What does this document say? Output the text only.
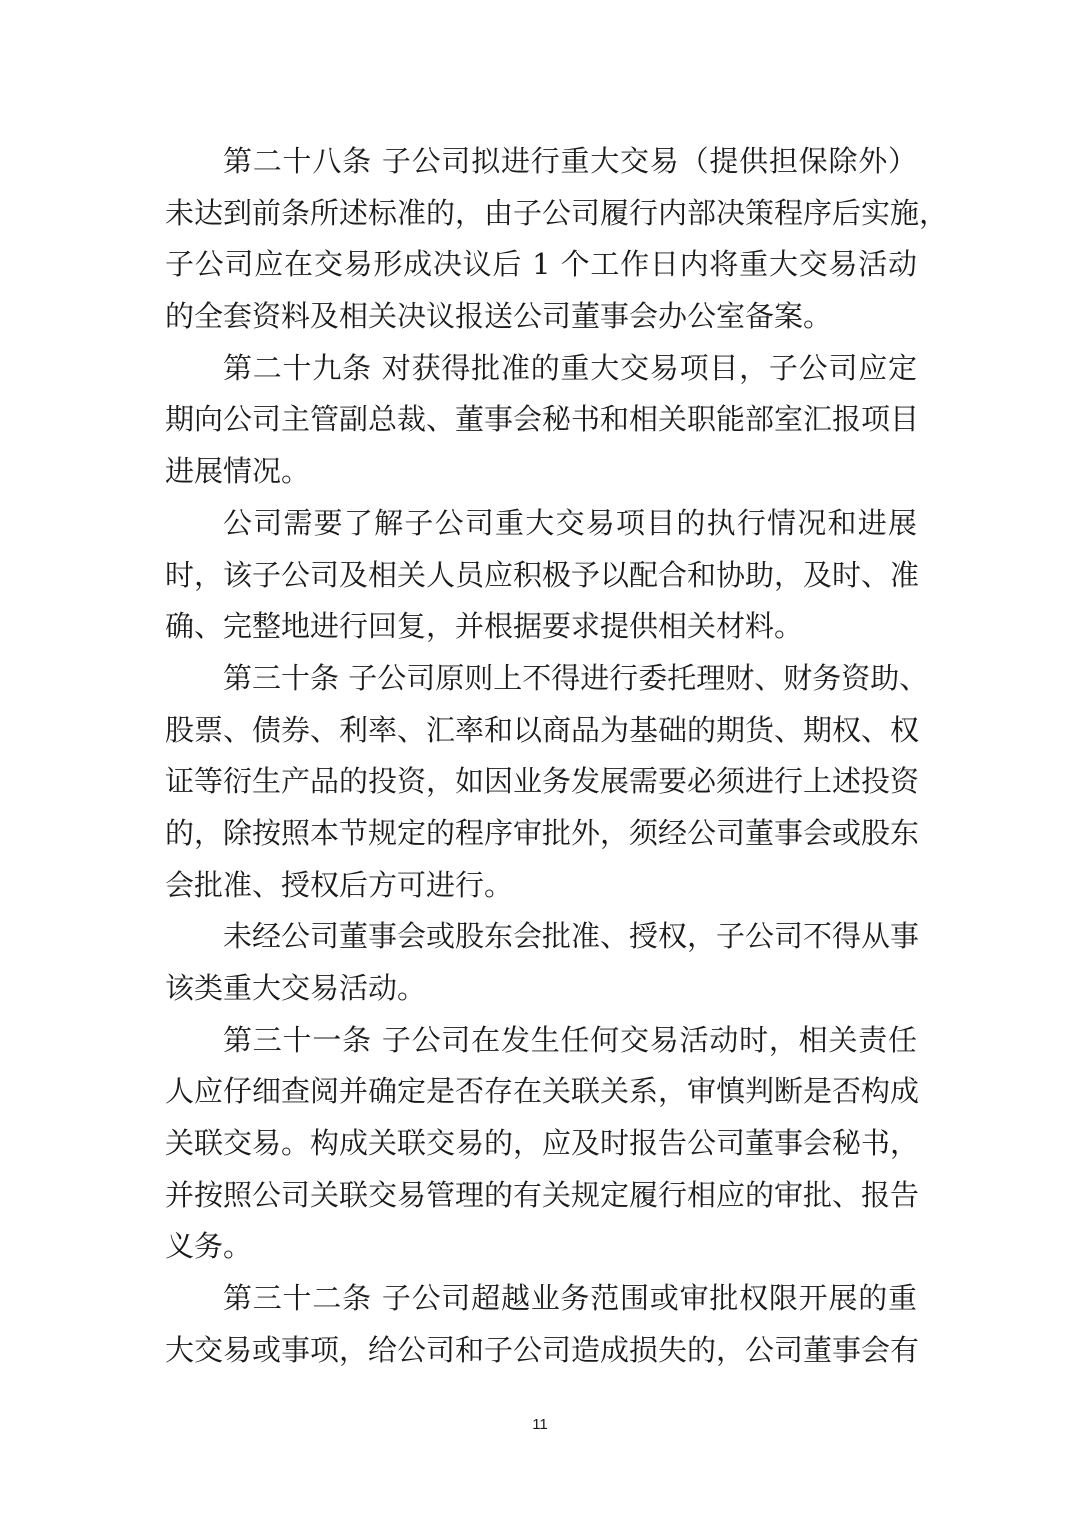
第二十八条 子公司拟进行重大交易（提供担保除外）
未达到前条所述标准的，由子公司履行内部决策程序后实施，
子公司应在交易形成决议后 1 个工作日内将重大交易活动
的全套资料及相关决议报送公司董事会办公室备案。
第二十九条 对获得批准的重大交易项目，子公司应定
期向公司主管副总裁、董事会秘书和相关职能部室汇报项目
进展情况。
公司需要了解子公司重大交易项目的执行情况和进展
时，该子公司及相关人员应积极予以配合和协助，及时、准
确、完整地进行回复，并根据要求提供相关材料。
第三十条 子公司原则上不得进行委托理财、财务资助、
股票、债券、利率、汇率和以商品为基础的期货、期权、权
证等衍生产品的投资，如因业务发展需要必须进行上述投资
的，除按照本节规定的程序审批外，须经公司董事会或股东
会批准、授权后方可进行。
未经公司董事会或股东会批准、授权，子公司不得从事
该类重大交易活动。
第三十一条 子公司在发生任何交易活动时，相关责任
人应仔细查阅并确定是否存在关联关系，审慎判断是否构成
关联交易。构成关联交易的，应及时报告公司董事会秘书，
并按照公司关联交易管理的有关规定履行相应的审批、报告
义务。
第三十二条 子公司超越业务范围或审批权限开展的重
大交易或事项，给公司和子公司造成损失的，公司董事会有
11
